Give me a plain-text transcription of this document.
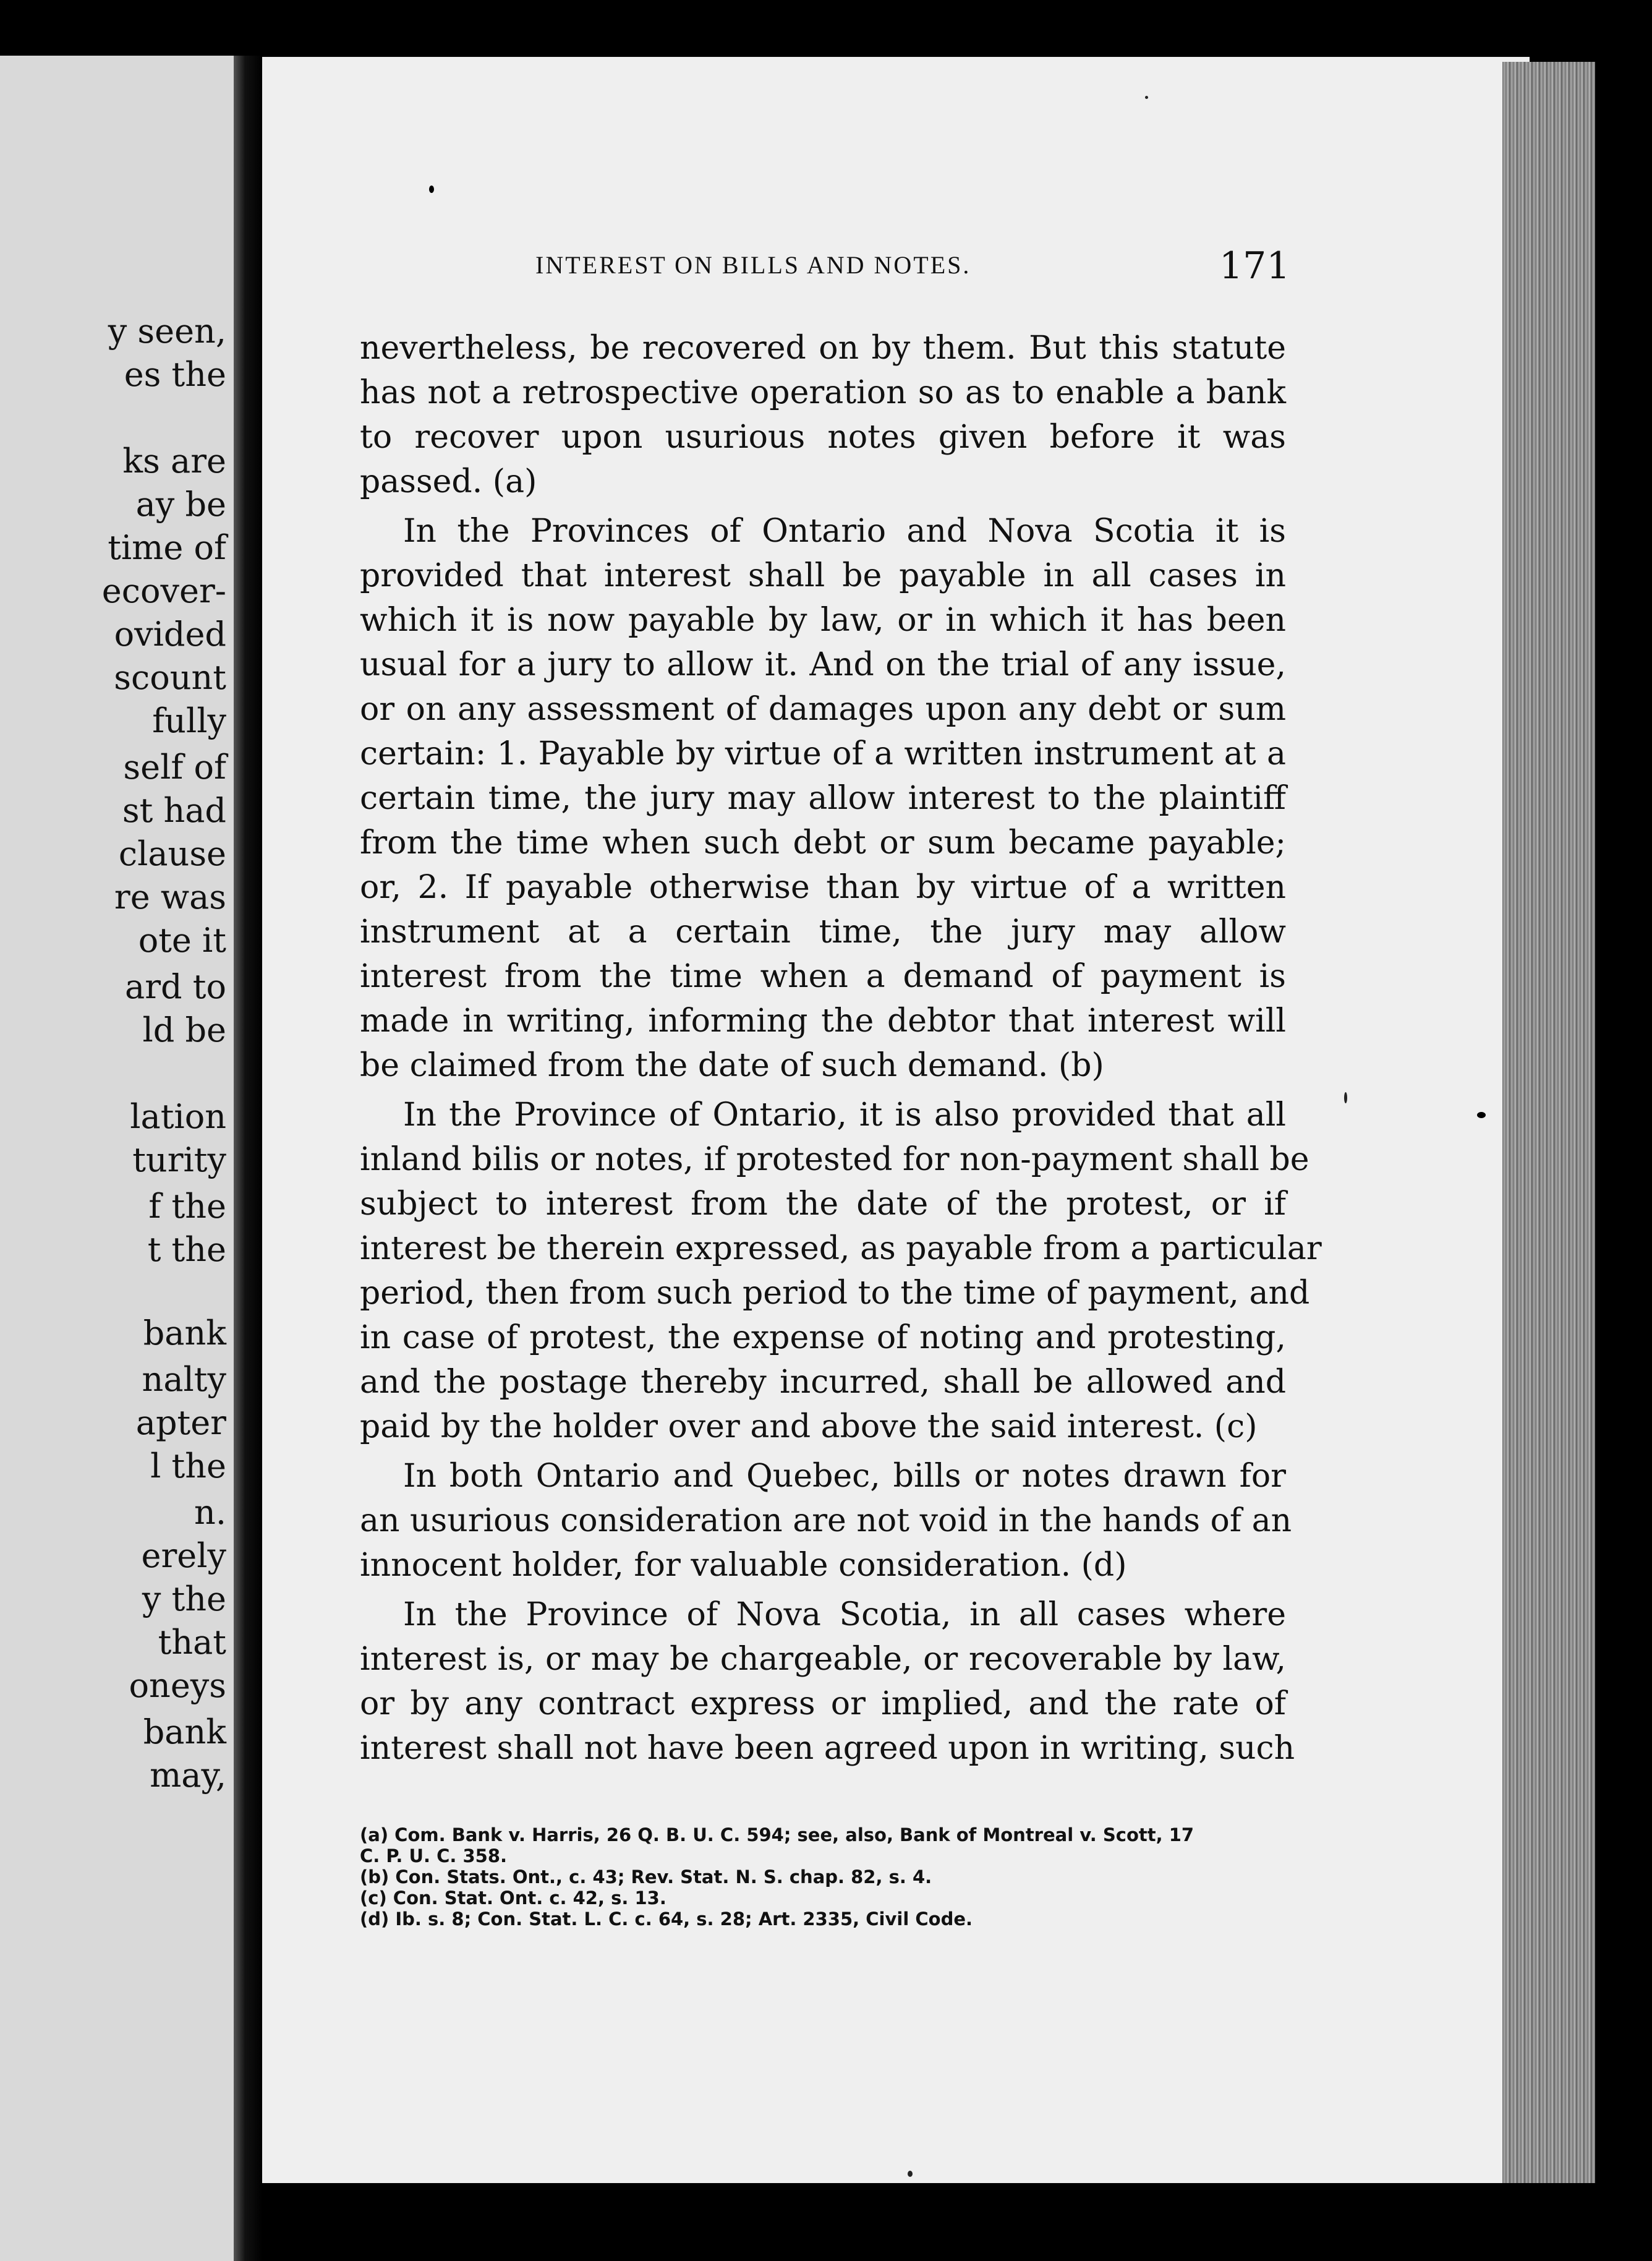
y seen,

es the

ks are

ay be

time of

ecover-

ovided

scount

fully

self of

st had

clause

re was

ote it

ard to

ld be

lation

turity

f the

t the

bank

nalty

apter

l the

n.

erely

y the

that

oneys

bank

may,

INTEREST ON BILLS AND NOTES.	171

nevertheless, be recovered on by them. But this statute
has not a retrospective operation so as to enable a bank
to recover upon usurious notes given before it was
passed. (a)
In the Provinces of Ontario and Nova Scotia it is
provided that interest shall be payable in all cases in
which it is now payable by law, or in which it has been
usual for a jury to allow it. And on the trial of any issue,
or on any assessment of damages upon any debt or sum
certain: 1. Payable by virtue of a written instrument at a
certain time, the jury may allow interest to the plaintiff
from the time when such debt or sum became payable;
or, 2. If payable otherwise than by virtue of a written
instrument at a certain time, the jury may allow
interest from the time when a demand of payment is
made in writing, informing the debtor that interest will
be claimed from the date of such demand. (b)
In the Province of Ontario, it is also provided that all
inland bilis or notes, if protested for non-payment shall be
subject to interest from the date of the protest, or if
interest be therein expressed, as payable from a particular
period, then from such period to the time of payment, and
in case of protest, the expense of noting and protesting,
and the postage thereby incurred, shall be allowed and
paid by the holder over and above the said interest. (c)
In both Ontario and Quebec, bills or notes drawn for
an usurious consideration are not void in the hands of an
innocent holder, for valuable consideration. (d)
In the Province of Nova Scotia, in all cases where
interest is, or may be chargeable, or recoverable by law,
or by any contract express or implied, and the rate of
interest shall not have been agreed upon in writing, such
(a) Com. Bank v. Harris, 26 Q. B. U. C. 594; see, also, Bank of Montreal v. Scott, 17
C. P. U. C. 358.
(b) Con. Stats. Ont., c. 43; Rev. Stat. N. S. chap. 82, s. 4.
(c) Con. Stat. Ont. c. 42, s. 13.
(d) Ib. s. 8; Con. Stat. L. C. c. 64, s. 28; Art. 2335, Civil Code.
